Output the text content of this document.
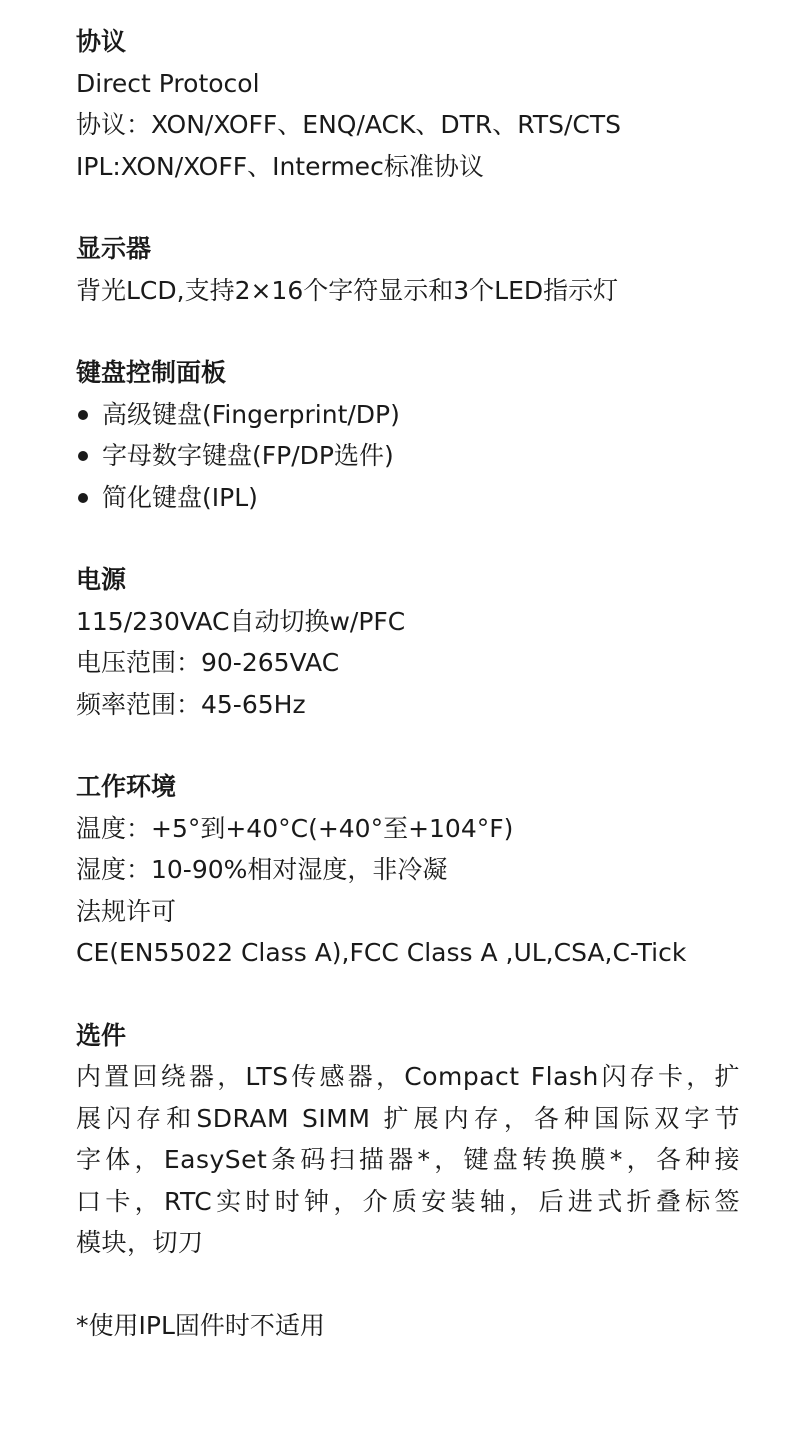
协议
Direct Protocol
协议：XON/XOFF、ENQ/ACK、DTR、RTS/CTS
IPL:XON/XOFF、Intermec标准协议
显示器
背光LCD,支持2×16个字符显示和3个LED指示灯
键盘控制面板
高级键盘(Fingerprint/DP)
字母数字键盘(FP/DP选件)
简化键盘(IPL)
电源
115/230VAC自动切换w/PFC
电压范围：90-265VAC
频率范围：45-65Hz
工作环境
温度：+5°到+40°C(+40°至+104°F)
湿度：10-90%相对湿度，非冷凝
法规许可
CE(EN55022 Class A),FCC Class A ,UL,CSA,C-Tick
选件
内置回绕器，LTS传感器，Compact Flash闪存卡，扩
展闪存和SDRAM SIMM 扩展内存，各种国际双字节
字体，EasySet条码扫描器*，键盘转换膜*，各种接
口卡，RTC实时时钟，介质安装轴，后进式折叠标签
模块，切刀
*使用IPL固件时不适用
